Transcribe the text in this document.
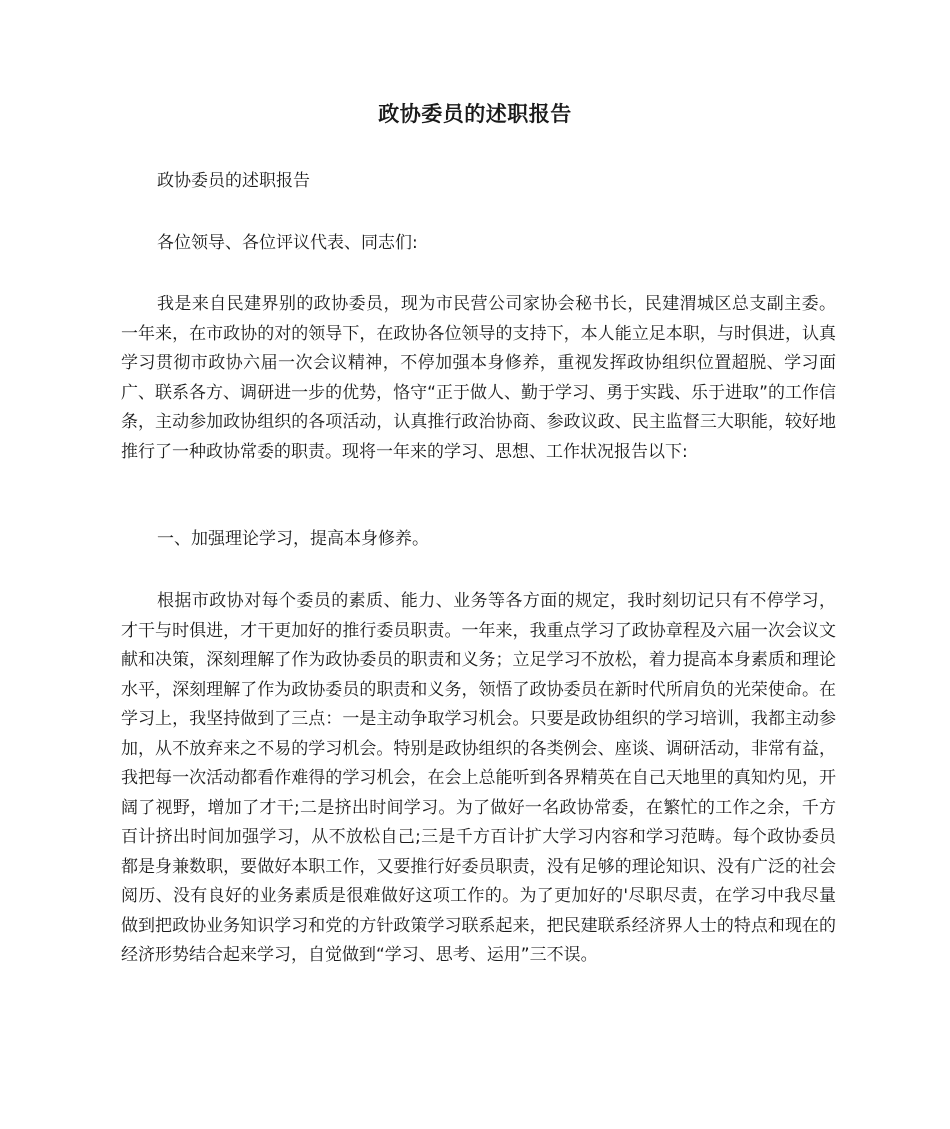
政协委员的述职报告

政协委员的述职报告

各位领导、各位评议代表、同志们:

我是来自民建界别的政协委员，现为市民营公司家协会秘书长，民建渭城区总支副主委。一年来，在市政协的对的领导下，在政协各位领导的支持下，本人能立足本职，与时俱进，认真学习贯彻市政协六届一次会议精神，不停加强本身修养，重视发挥政协组织位置超脱、学习面广、联系各方、调研进一步的优势，恪守“正于做人、勤于学习、勇于实践、乐于进取”的工作信条，主动参加政协组织的各项活动，认真推行政治协商、参政议政、民主监督三大职能，较好地推行了一种政协常委的职责。现将一年来的学习、思想、工作状况报告以下:

一、加强理论学习，提高本身修养。

根据市政协对每个委员的素质、能力、业务等各方面的规定，我时刻切记只有不停学习，才干与时俱进，才干更加好的推行委员职责。一年来，我重点学习了政协章程及六届一次会议文献和决策，深刻理解了作为政协委员的职责和义务；立足学习不放松，着力提高本身素质和理论水平，深刻理解了作为政协委员的职责和义务，领悟了政协委员在新时代所肩负的光荣使命。在学习上，我坚持做到了三点：一是主动争取学习机会。只要是政协组织的学习培训，我都主动参加，从不放弃来之不易的学习机会。特别是政协组织的各类例会、座谈、调研活动，非常有益，我把每一次活动都看作难得的学习机会，在会上总能听到各界精英在自己天地里的真知灼见，开阔了视野，增加了才干;二是挤出时间学习。为了做好一名政协常委，在繁忙的工作之余，千方百计挤出时间加强学习，从不放松自己;三是千方百计扩大学习内容和学习范畴。每个政协委员都是身兼数职，要做好本职工作，又要推行好委员职责，没有足够的理论知识、没有广泛的社会阅历、没有良好的业务素质是很难做好这项工作的。为了更加好的'尽职尽责，在学习中我尽量做到把政协业务知识学习和党的方针政策学习联系起来，把民建联系经济界人士的特点和现在的经济形势结合起来学习，自觉做到“学习、思考、运用”三不误。
